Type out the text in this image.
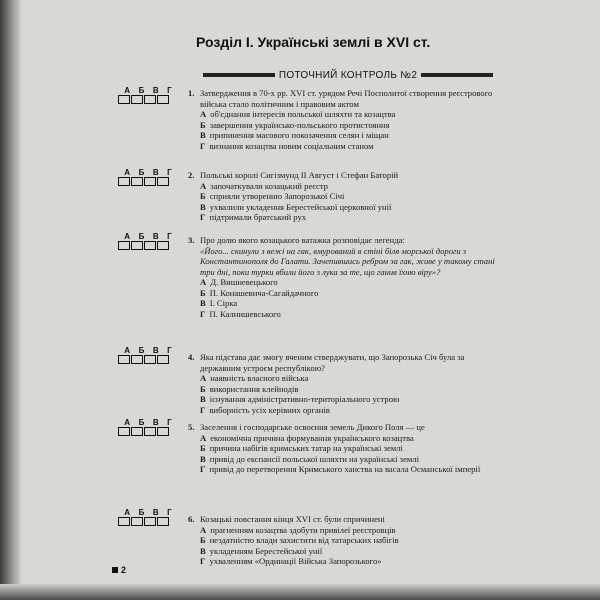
Розділ I. Українські землі в XVI ст.
ПОТОЧНИЙ КОНТРОЛЬ №2
А Б В Г
А Б В Г
А Б В Г
А Б В Г
А Б В Г
А Б В Г
1. Затвердження в 70-х рр. XVI ст. урядом Речі Посполитої створення реєстрового війська стало політичним і правовим актом
А об'єднання інтересів польської шляхти та козацтва
Б завершення українсько-польського протистояння
В припинення масового покозачення селян і міщан
Г визнання козацтва новим соціальним станом
2. Польські королі Сигізмунд II Август і Стефан Баторій
А започаткували козацький реєстр
Б сприяли утворенню Запорозької Січі
В ухвалили укладення Берестейської церковної унії
Г підтримали братський рух
3. Про долю якого козацького ватажка розповідає легенда:
«Його... скинули з вежі на гак, вмурований в стіні біля морської дороги з Константинополя до Галати. Зачепившись ребром за гак, живе у такому стані три дні, поки турки вбили його з лука за те, що ганив їхню віру»?
А Д. Вишневецького
Б П. Конашевича-Сагайдачного
В І. Сірка
Г П. Калнишевського
4. Яка підстава дає змогу вченим стверджувати, що Запорозька Січ була за державним устроєм республікою?
А наявність власного війська
Б використання клейнодів
В існування адміністративно-територіального устрою
Г виборність усіх керівних органів
5. Заселення і господарське освоєння земель Дикого Поля — це
А економічна причина формування українського козацтва
Б причина набігів кримських татар на українські землі
В привід до експансії польської шляхти на українські землі
Г привід до перетворення Кримського ханства на васала Османської імперії
6. Козацькі повстання кінця XVI ст. були спричинені
А прагненням козацтва здобути привілеї реєстровців
Б нездатністю влади захистити від татарських набігів
В укладенням Берестейської унії
Г ухваленням «Ординації Війська Запорозького»
2
